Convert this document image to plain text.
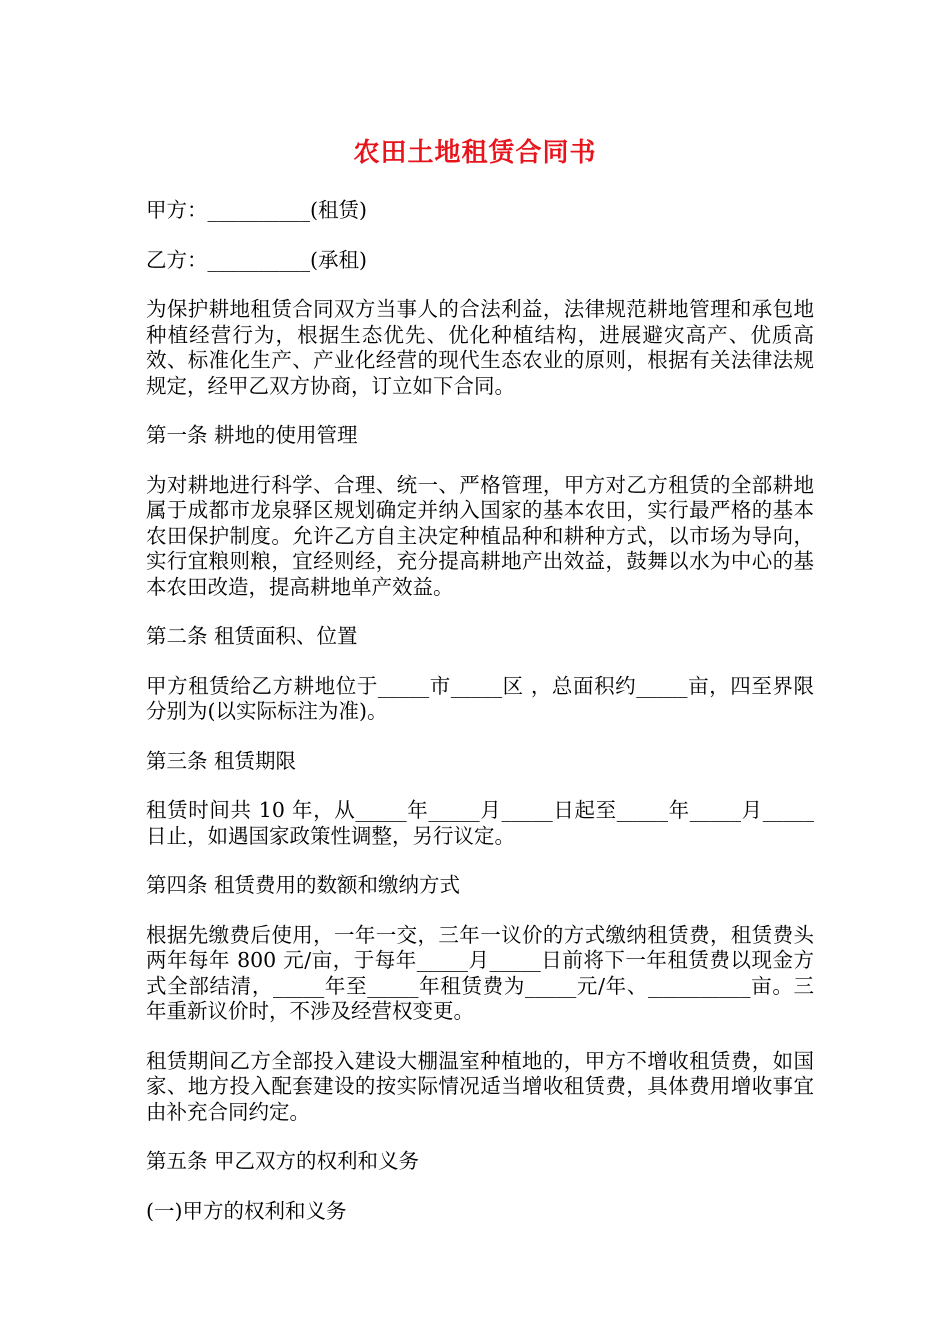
农田土地租赁合同书

甲方：__________(租赁)

乙方：__________(承租)

为保护耕地租赁合同双方当事人的合法利益，法律规范耕地管理和承包地种植经营行为，根据生态优先、优化种植结构，进展避灾高产、优质高效、标准化生产、产业化经营的现代生态农业的原则，根据有关法律法规规定，经甲乙双方协商，订立如下合同。

第一条 耕地的使用管理

为对耕地进行科学、合理、统一、严格管理，甲方对乙方租赁的全部耕地属于成都市龙泉驿区规划确定并纳入国家的基本农田，实行最严格的基本农田保护制度。允许乙方自主决定种植品种和耕种方式，以市场为导向，实行宜粮则粮，宜经则经，充分提高耕地产出效益，鼓舞以水为中心的基本农田改造，提高耕地单产效益。

第二条 租赁面积、位置

甲方租赁给乙方耕地位于_____市_____区 ，总面积约_____亩，四至界限分别为(以实际标注为准)。

第三条 租赁期限

租赁时间共 10 年，从_____年_____月_____日起至_____年_____月_____日止，如遇国家政策性调整，另行议定。

第四条 租赁费用的数额和缴纳方式

根据先缴费后使用，一年一交，三年一议价的方式缴纳租赁费，租赁费头两年每年 800 元/亩，于每年_____月_____日前将下一年租赁费以现金方式全部结清，_____年至_____年租赁费为_____元/年、__________亩。三年重新议价时，不涉及经营权变更。

租赁期间乙方全部投入建设大棚温室种植地的，甲方不增收租赁费，如国家、地方投入配套建设的按实际情况适当增收租赁费，具体费用增收事宜由补充合同约定。

第五条 甲乙双方的权利和义务

(一)甲方的权利和义务
